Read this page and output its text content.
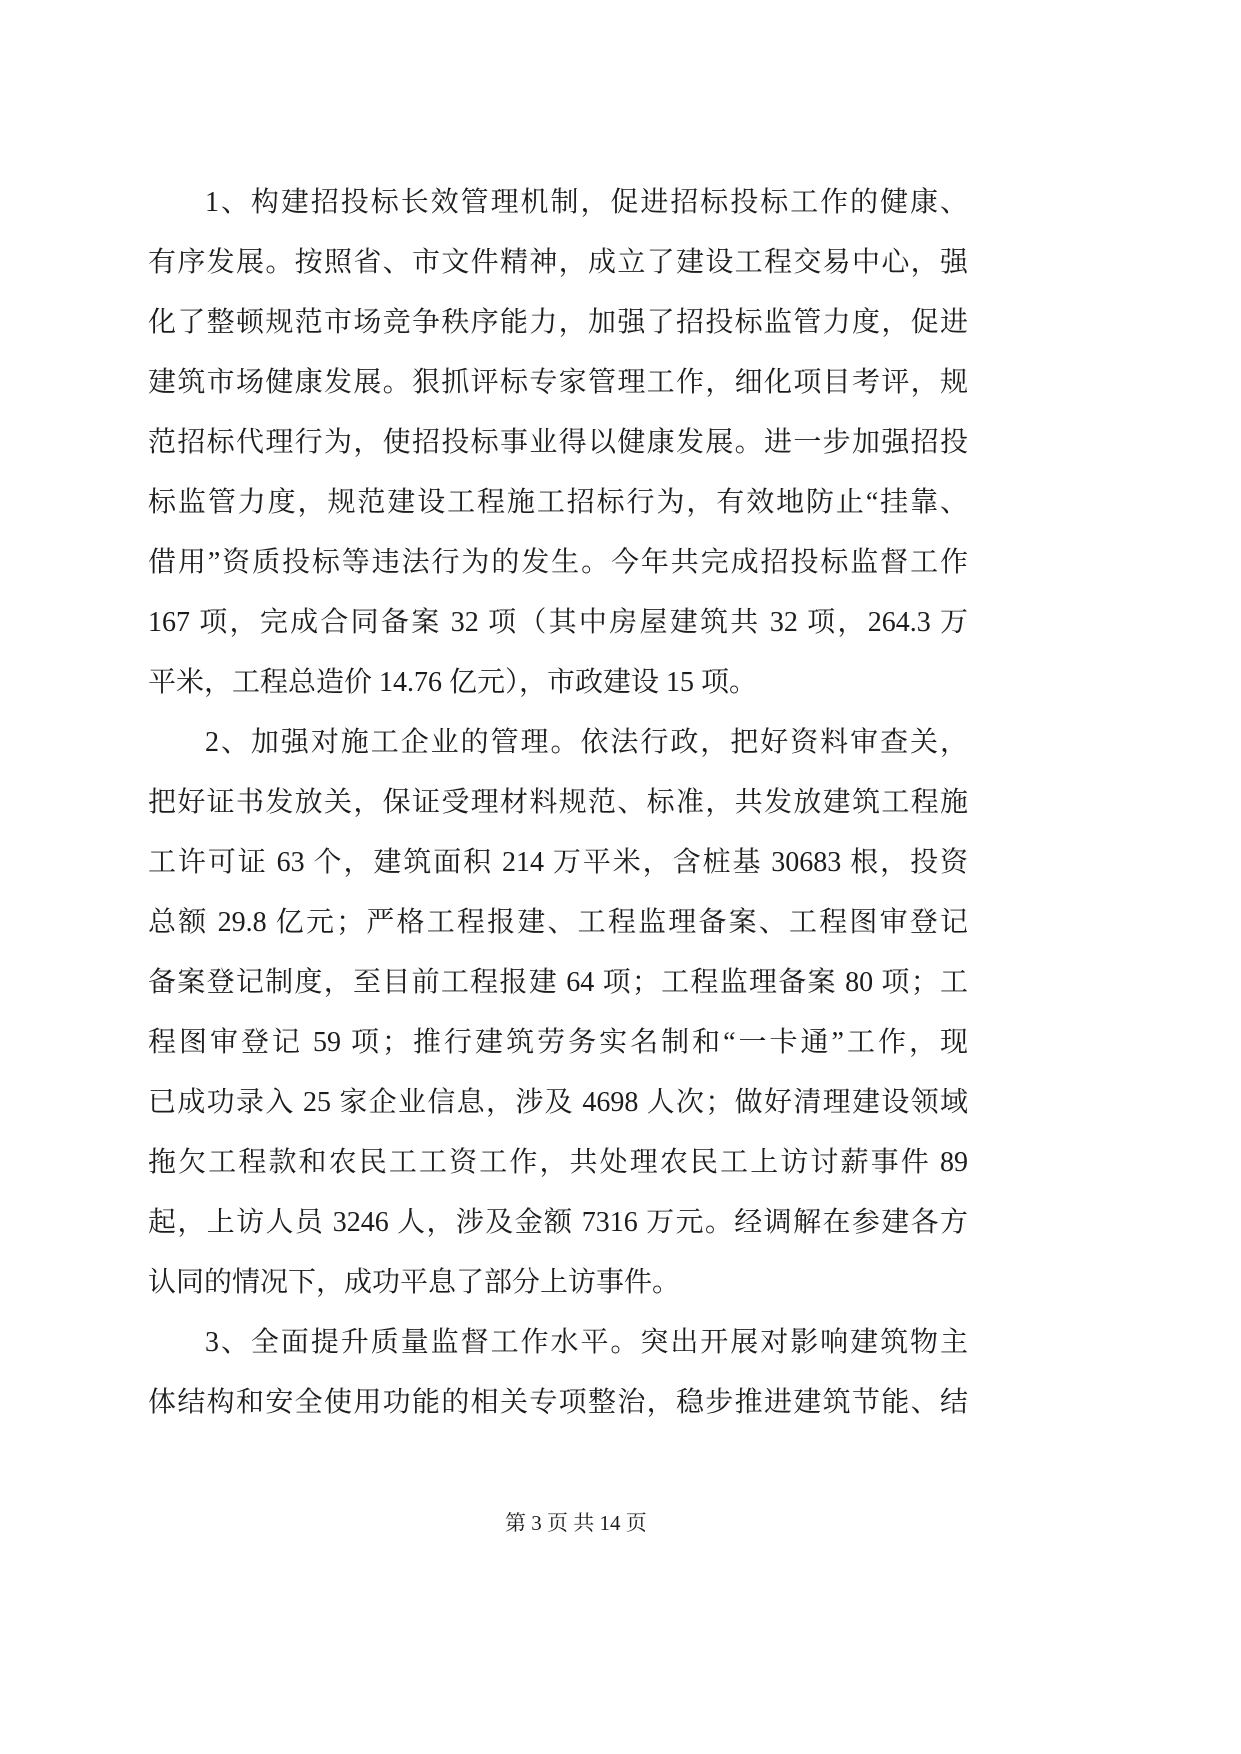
1、构建招投标长效管理机制，促进招标投标工作的健康、
有序发展。按照省、市文件精神，成立了建设工程交易中心，强
化了整顿规范市场竞争秩序能力，加强了招投标监管力度，促进
建筑市场健康发展。狠抓评标专家管理工作，细化项目考评，规
范招标代理行为，使招投标事业得以健康发展。进一步加强招投
标监管力度，规范建设工程施工招标行为，有效地防止“挂靠、
借用”资质投标等违法行为的发生。今年共完成招投标监督工作
167 项，完成合同备案 32 项（其中房屋建筑共 32 项，264.3 万
平米，工程总造价 14.76 亿元），市政建设 15 项。
2、加强对施工企业的管理。依法行政，把好资料审查关，
把好证书发放关，保证受理材料规范、标准，共发放建筑工程施
工许可证 63 个，建筑面积 214 万平米，含桩基 30683 根，投资
总额 29.8 亿元；严格工程报建、工程监理备案、工程图审登记
备案登记制度，至目前工程报建 64 项；工程监理备案 80 项；工
程图审登记 59 项；推行建筑劳务实名制和“一卡通”工作，现
已成功录入 25 家企业信息，涉及 4698 人次；做好清理建设领域
拖欠工程款和农民工工资工作，共处理农民工上访讨薪事件 89
起，上访人员 3246 人，涉及金额 7316 万元。经调解在参建各方
认同的情况下，成功平息了部分上访事件。
3、全面提升质量监督工作水平。突出开展对影响建筑物主
体结构和安全使用功能的相关专项整治，稳步推进建筑节能、结
第 3 页 共 14 页
